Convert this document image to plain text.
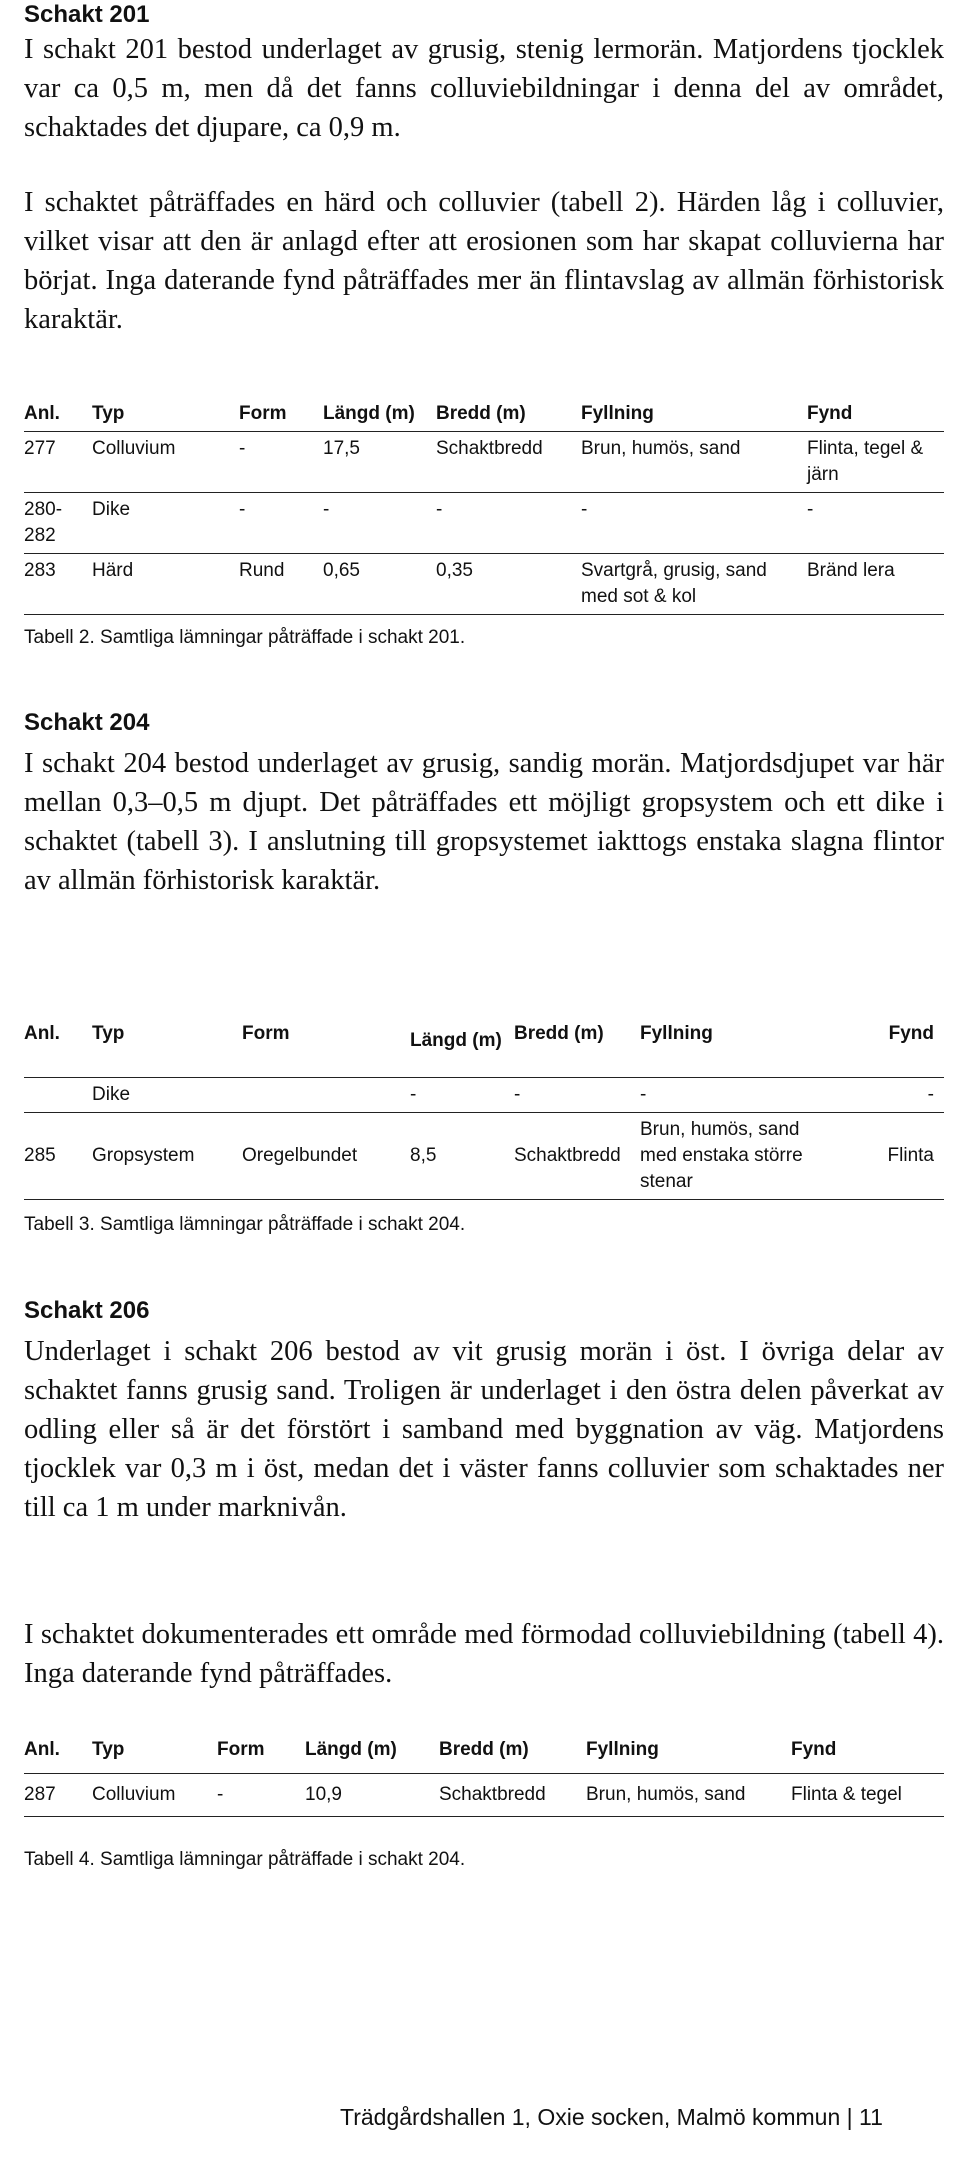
Schakt 201

I schakt 201 bestod underlaget av grusig, stenig lermorän. Matjordens tjocklek var ca 0,5 m, men då det fanns colluviebildningar i denna del av området, schaktades det djupare, ca 0,9 m.

I schaktet påträffades en härd och colluvier (tabell 2). Härden låg i colluvier, vilket visar att den är anlagd efter att erosionen som har skapat colluvierna har börjat. Inga daterande fynd påträffades mer än flintavslag av allmän förhistorisk karaktär.

Anl.	Typ	Form	Längd (m)	Bredd (m)	Fyllning	Fynd
277	Colluvium	-	17,5	Schaktbredd	Brun, humös, sand	Flinta, tegel & järn
280-282	Dike	-	-	-	-	-
283	Härd	Rund	0,65	0,35	Svartgrå, grusig, sand med sot & kol	Bränd lera

Tabell 2. Samtliga lämningar påträffade i schakt 201.

Schakt 204

I schakt 204 bestod underlaget av grusig, sandig morän. Matjordsdjupet var här mellan 0,3–0,5 m djupt. Det påträffades ett möjligt gropsystem och ett dike i schaktet (tabell 3). I anslutning till gropsystemet iakttogs enstaka slagna flintor av allmän förhistorisk karaktär.

Anl.	Typ	Form	Längd (m)	Bredd (m)	Fyllning	Fynd
	Dike		-	-	-	-
285	Gropsystem	Oregelbundet	8,5	Schaktbredd	Brun, humös, sand med enstaka större stenar	Flinta

Tabell 3. Samtliga lämningar påträffade i schakt 204.

Schakt 206

Underlaget i schakt 206 bestod av vit grusig morän i öst. I övriga delar av schaktet fanns grusig sand. Troligen är underlaget i den östra delen påverkat av odling eller så är det förstört i samband med byggnation av väg. Matjordens tjocklek var 0,3 m i öst, medan det i väster fanns colluvier som schaktades ner till ca 1 m under marknivån.

I schaktet dokumenterades ett område med förmodad colluviebildning (tabell 4). Inga daterande fynd påträffades.

Anl.	Typ	Form	Längd (m)	Bredd (m)	Fyllning	Fynd
287	Colluvium	-	10,9	Schaktbredd	Brun, humös, sand	Flinta & tegel

Tabell 4. Samtliga lämningar påträffade i schakt 204.

Trädgårdshallen 1, Oxie socken, Malmö kommun | 11
